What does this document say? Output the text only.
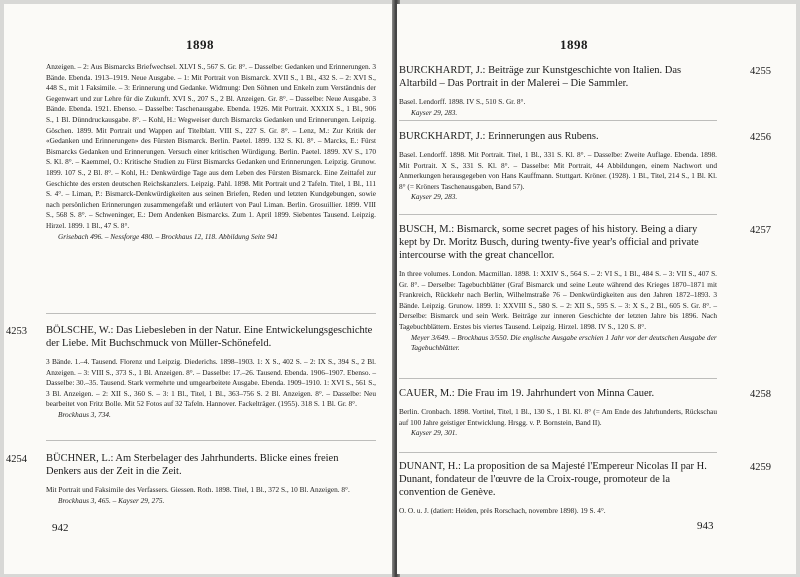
1898
Anzeigen. – 2: Aus Bismarcks Briefwechsel. XLVI S., 567 S. Gr. 8°. – Dasselbe: Gedanken und Erinnerungen. 3 Bände. Ebenda. 1913–1919. Neue Ausgabe. – 1: Mit Portrait von Bismarck. XVII S., 1 Bl., 432 S. – 2: XVI S., 448 S., mit 1 Faksimile. – 3: Erinnerung und Gedanke. Widmung: Den Söhnen und Enkeln zum Verständnis der Gegenwart und zur Lehre für die Zukunft. XVI S., 207 S., 2 Bl. Anzeigen. Gr. 8°. – Dasselbe: Neue Ausgabe. 3 Bände. Ebenda. 1921. Ebenso. – Dasselbe: Taschenausgabe. Ebenda. 1926. Mit Portrait. XXXIX S., 1 Bl., 906 S., 1 Bl. Dünndruckausgabe. 8°. – Kohl, H.: Wegweiser durch Bismarcks Gedanken und Erinnerungen. Leipzig. Göschen. 1899. Mit Portrait und Wappen auf Titelblatt. VIII S., 227 S. Gr. 8°. – Lenz, M.: Zur Kritik der «Gedanken und Erinnerungen» des Fürsten Bismarck. Berlin. Paetel. 1899. 132 S. Kl. 8°. – Marcks, E.: Fürst Bismarcks Gedanken und Erinnerungen. Versuch einer kritischen Würdigung. Berlin. Paetel. 1899. XV S., 170 S. Kl. 8°. – Kaemmel, O.: Kritische Studien zu Fürst Bismarcks Gedanken und Erinnerungen. Leipzig. Grunow. 1899. 107 S., 2 Bl. 8°. – Kohl, H.: Denkwürdige Tage aus dem Leben des Fürsten Bismarck. Eine Zeittafel zur Geschichte des ersten deutschen Reichskanzlers. Leipzig. Pahl. 1898. Mit Portrait und 2 Tafeln. Titel, 1 Bl., 111 S. 4°. – Liman, P.: Bismarck-Denkwürdigkeiten aus seinen Briefen, Reden und letzten Kundgebungen, sowie nach persönlichen Erinnerungen zusammengefaßt und erläutert von Paul Liman. Berlin. Grosuillier. 1899. VIII S., 568 S. 8°. – Schweninger, E.: Dem Andenken Bismarcks. Zum 1. April 1899. Siebentes Tausend. Leipzig. Hirzel. 1899. 1 Bl., 47 S. 8°.
Grisebach 496. – Nessforge 480. – Brockhaus 12, 118. Abbildung Seite 941
4253 BÖLSCHE, W.: Das Liebesleben in der Natur. Eine Entwickelungsgeschichte der Liebe. Mit Buchschmuck von Müller-Schönefeld.
3 Bände. 1.–4. Tausend. Florenz und Leipzig. Diederichs. 1898–1903. 1: X S., 402 S. – 2: IX S., 394 S., 2 Bl. Anzeigen. – 3: VIII S., 373 S., 1 Bl. Anzeigen. 8°. – Dasselbe: 17.–26. Tausend. Ebenda. 1906–1907. Ebenso. – Dasselbe: 30.–35. Tausend. Stark vermehrte und umgearbeitete Ausgabe. Ebenda. 1909–1910. 1: XVI S., 561 S., 3 Bl. Anzeigen. – 2: XII S., 360 S. – 3: 1 Bl., Titel, 1 Bl., 363–756 S. 2 Bl. Anzeigen. 8°. – Dasselbe: Neu bearbeitet von Fritz Bolle. Mit 52 Fotos auf 32 Tafeln. Hannover. Fackelträger. (1955). 318 S. 1 Bl. Gr. 8°.
Brockhaus 3, 734.
4254 BÜCHNER, L.: Am Sterbelager des Jahrhunderts. Blicke eines freien Denkers aus der Zeit in die Zeit.
Mit Portrait und Faksimile des Verfassers. Giessen. Roth. 1898. Titel, 1 Bl., 372 S., 10 Bl. Anzeigen. 8°.
Brockhaus 3, 465. – Kayser 29, 275.
942
1898
BURCKHARDT, J.: Beiträge zur Kunstgeschichte von Italien. Das Altarbild – Das Portrait in der Malerei – Die Sammler.
Basel. Lendorff. 1898. IV S., 510 S. Gr. 8°.
Kayser 29, 283.
4255
BURCKHARDT, J.: Erinnerungen aus Rubens.
Basel. Lendorff. 1898. Mit Portrait. Titel, 1 Bl., 331 S. Kl. 8°. – Dasselbe: Zweite Auflage. Ebenda. 1898. Mit Portrait. X S., 331 S. Kl. 8°. – Dasselbe: Mit Portrait, 44 Abbildungen, einem Nachwort und Anmerkungen herausgegeben von Hans Kauffmann. Stuttgart. Kröner. (1928). 1 Bl., Titel, 214 S., 1 Bl. Kl. 8° (= Kröners Taschenausgaben, Band 57).
Kayser 29, 283.
4256
BUSCH, M.: Bismarck, some secret pages of his history. Being a diary kept by Dr. Moritz Busch, during twenty-five year's official and private intercourse with the great chancellor.
In three volumes. London. Macmillan. 1898. 1: XXIV S., 564 S. – 2: VI S., 1 Bl., 484 S. – 3: VII S., 407 S. Gr. 8°. – Derselbe: Tagebuchblätter (Graf Bismarck und seine Leute während des Krieges 1870–1871 mit Frankreich, Rückkehr nach Berlin, Wilhelmstraße 76 – Denkwürdigkeiten aus den Jahren 1872–1893. 3 Bände. Leipzig. Grunow. 1899. 1: XXVIII S., 580 S. – 2: XII S., 595 S. – 3: X S., 2 Bl., 605 S. Gr. 8°. – Derselbe: Bismarck und sein Werk. Beiträge zur inneren Geschichte der letzten Jahre bis 1896. Nach Tagebuchblättern. Erstes bis viertes Tausend. Leipzig. Hirzel. 1898. IV S., 120 S. 8°.
Meyer 3/649. – Brockhaus 3/550. Die englische Ausgabe erschien 1 Jahr vor der deutschen Ausgabe der Tagebuchblätter.
4257
CAUER, M.: Die Frau im 19. Jahrhundert von Minna Cauer.
Berlin. Cronbach. 1898. Vortitel, Titel, 1 Bl., 130 S., 1 Bl. Kl. 8° (= Am Ende des Jahrhunderts, Rückschau auf 100 Jahre geistiger Entwicklung. Hrsgg. v. P. Bornstein, Band II).
Kayser 29, 301.
4258
DUNANT, H.: La proposition de sa Majesté l'Empereur Nicolas II par H. Dunant, fondateur de l'œuvre de la Croix-rouge, promoteur de la convention de Genève.
O. O. u. J. (datiert: Heiden, près Rorschach, novembre 1898). 19 S. 4°.
4259
943
